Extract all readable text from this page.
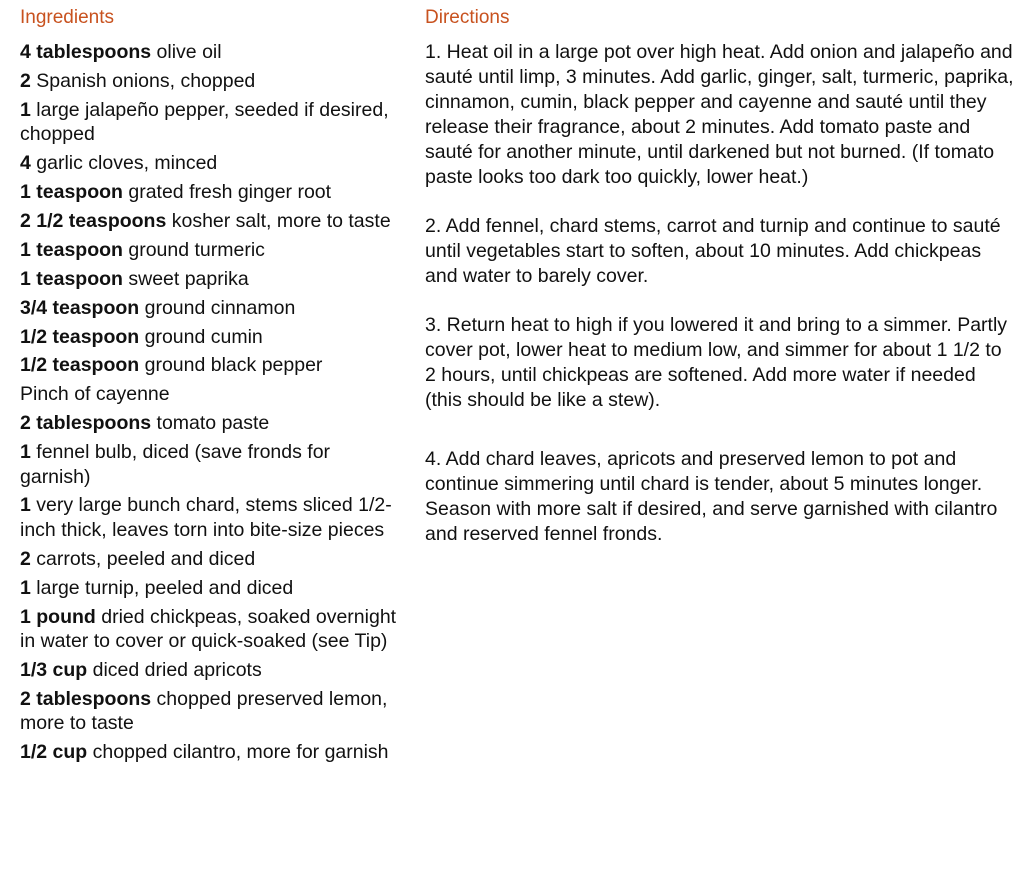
Ingredients
4 tablespoons olive oil
2 Spanish onions, chopped
1 large jalapeño pepper, seeded if desired, chopped
4 garlic cloves, minced
1 teaspoon grated fresh ginger root
2 1/2 teaspoons kosher salt, more to taste
1 teaspoon ground turmeric
1 teaspoon sweet paprika
3/4 teaspoon ground cinnamon
1/2 teaspoon ground cumin
1/2 teaspoon ground black pepper
Pinch of cayenne
2 tablespoons tomato paste
1 fennel bulb, diced (save fronds for garnish)
1 very large bunch chard, stems sliced 1/2-inch thick, leaves torn into bite-size pieces
2 carrots, peeled and diced
1 large turnip, peeled and diced
1 pound dried chickpeas, soaked overnight in water to cover or quick-soaked (see Tip)
1/3 cup diced dried apricots
2 tablespoons chopped preserved lemon, more to taste
1/2 cup chopped cilantro, more for garnish
Directions

1. Heat oil in a large pot over high heat. Add onion and jalapeño and sauté until limp, 3 minutes. Add garlic, ginger, salt, turmeric, paprika, cinnamon, cumin, black pepper and cayenne and sauté until they release their fragrance, about 2 minutes. Add tomato paste and sauté for another minute, until darkened but not burned. (If tomato paste looks too dark too quickly, lower heat.)

2. Add fennel, chard stems, carrot and turnip and continue to sauté until vegetables start to soften, about 10 minutes. Add chickpeas and water to barely cover.

3. Return heat to high if you lowered it and bring to a simmer. Partly cover pot, lower heat to medium low, and simmer for about 1 1/2 to 2 hours, until chickpeas are softened. Add more water if needed (this should be like a stew).

4. Add chard leaves, apricots and preserved lemon to pot and continue simmering until chard is tender, about 5 minutes longer. Season with more salt if desired, and serve garnished with cilantro and reserved fennel fronds.
